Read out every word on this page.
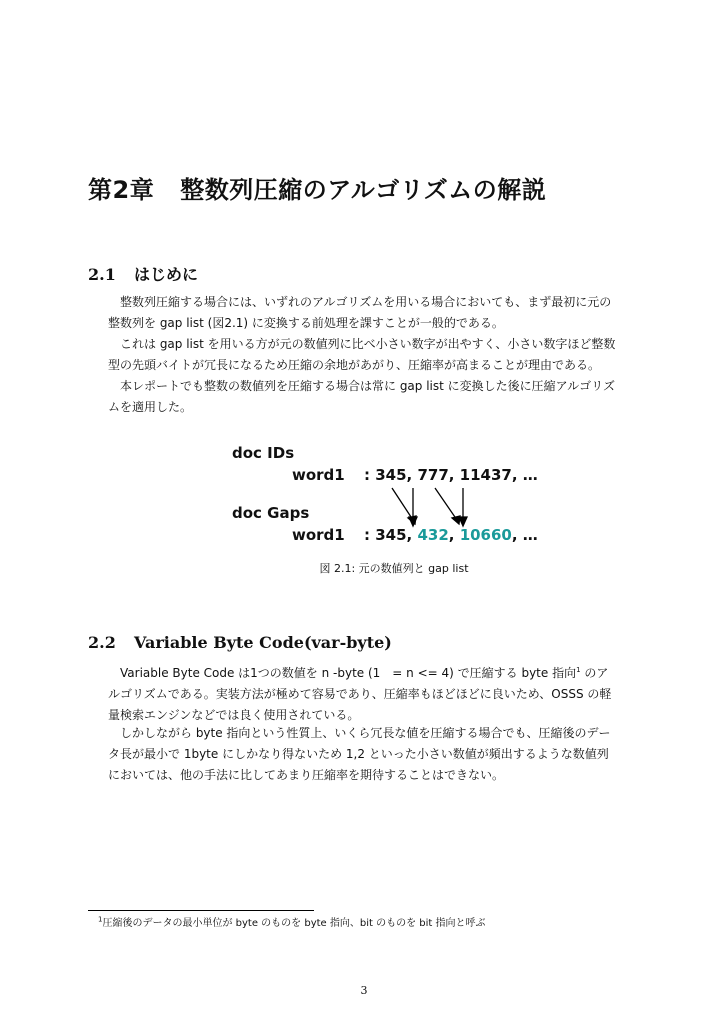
第2章 整数列圧縮のアルゴリズムの解説
2.1 はじめに

整数列圧縮する場合には、いずれのアルゴリズムを用いる場合においても、まず最初に元の整数列を gap list (図2.1) に変換する前処理を課すことが一般的である。

これは gap list を用いる方が元の数値列に比べ小さい数字が出やすく、小さい数字ほど整数型の先頭バイトが冗長になるため圧縮の余地があがり、圧縮率が高まることが理由である。

本レポートでも整数の数値列を圧縮する場合は常に gap list に変換した後に圧縮アルゴリズムを適用した。

doc IDs
word1 : 345, 777, 11437, …
doc Gaps
word1 : 345, 432, 10660, …
図 2.1: 元の数値列と gap list
2.2 Variable Byte Code(var-byte)

Variable Byte Code は1つの数値を n -byte (1　= n <= 4) で圧縮する byte 指向$^1$ のアルゴリズムである。実装方法が極めて容易であり、圧縮率もほどほどに良いため、OSSS の軽量検索エンジンなどでは良く使用されている。

しかしながら byte 指向という性質上、いくら冗長な値を圧縮する場合でも、圧縮後のデータ長が最小で 1byte にしかなり得ないため 1,2 といった小さい数値が頻出するような数値列においては、他の手法に比してあまり圧縮率を期待することはできない。

$^1$圧縮後のデータの最小単位が byte のものを byte 指向、bit のものを bit 指向と呼ぶ
3
